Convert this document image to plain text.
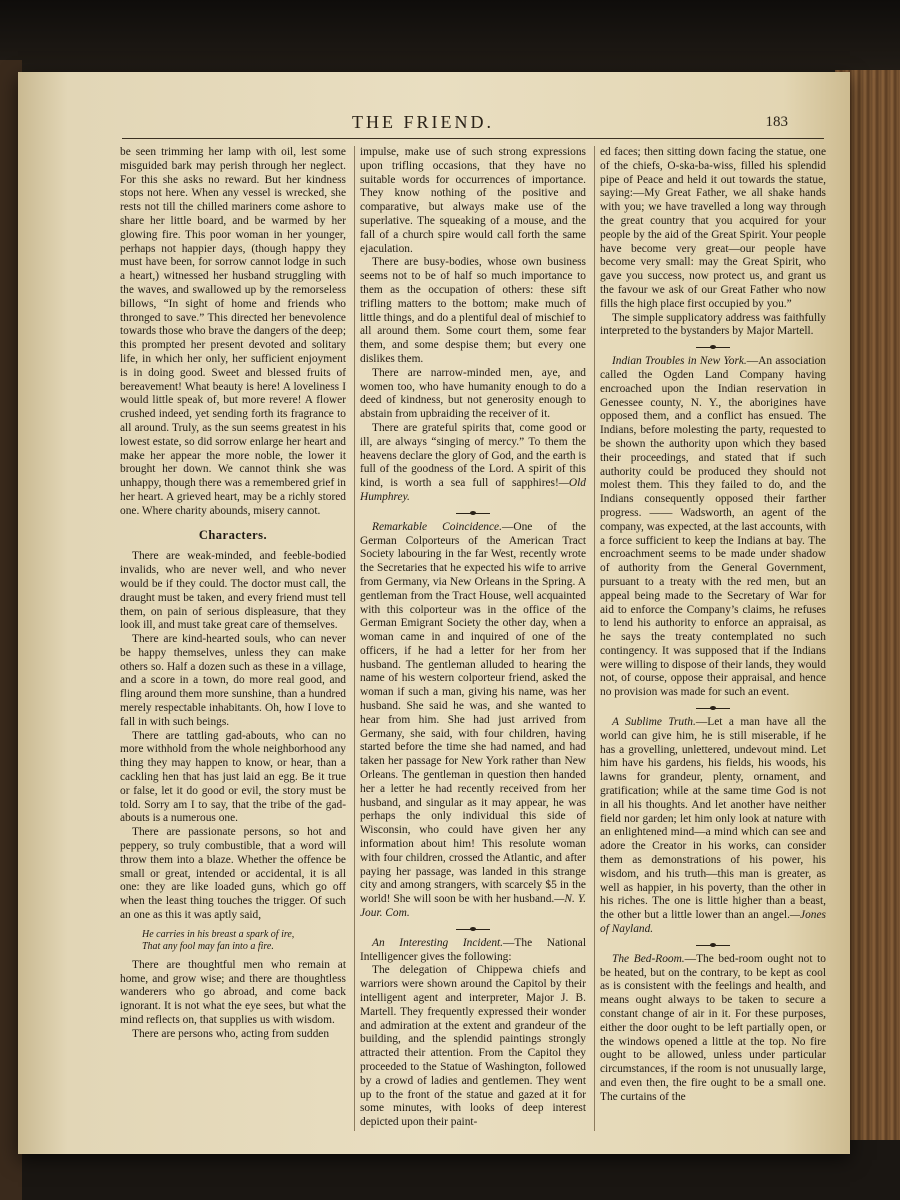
THE FRIEND.	183

be seen trimming her lamp with oil, lest some misguided bark may perish through her neglect. For this she asks no reward. But her kindness stops not here. When any vessel is wrecked, she rests not till the chilled mariners come ashore to share her little board, and be warmed by her glowing fire. This poor woman in her younger, perhaps not happier days, (though happy they must have been, for sorrow cannot lodge in such a heart,) witnessed her husband struggling with the waves, and swallowed up by the remorseless billows, “In sight of home and friends who thronged to save.” This directed her benevolence towards those who brave the dangers of the deep; this prompted her present devoted and solitary life, in which her only, her sufficient enjoyment is in doing good. Sweet and blessed fruits of bereavement! What beauty is here! A loveliness I would little speak of, but more revere! A flower crushed indeed, yet sending forth its fragrance to all around. Truly, as the sun seems greatest in his lowest estate, so did sorrow enlarge her heart and make her appear the more noble, the lower it brought her down. We cannot think she was unhappy, though there was a remembered grief in her heart. A grieved heart, may be a richly stored one. Where charity abounds, misery cannot.

Characters.

There are weak-minded, and feeble-bodied invalids, who are never well, and who never would be if they could. The doctor must call, the draught must be taken, and every friend must tell them, on pain of serious displeasure, that they look ill, and must take great care of themselves.

There are kind-hearted souls, who can never be happy themselves, unless they can make others so. Half a dozen such as these in a village, and a score in a town, do more real good, and fling around them more sunshine, than a hundred merely respectable inhabitants. Oh, how I love to fall in with such beings.

There are tattling gad-abouts, who can no more withhold from the whole neighborhood any thing they may happen to know, or hear, than a cackling hen that has just laid an egg. Be it true or false, let it do good or evil, the story must be told. Sorry am I to say, that the tribe of the gad-abouts is a numerous one.

There are passionate persons, so hot and peppery, so truly combustible, that a word will throw them into a blaze. Whether the offence be small or great, intended or accidental, it is all one: they are like loaded guns, which go off when the least thing touches the trigger. Of such an one as this it was aptly said,

He carries in his breast a spark of ire,
That any fool may fan into a fire.

There are thoughtful men who remain at home, and grow wise; and there are thoughtless wanderers who go abroad, and come back ignorant. It is not what the eye sees, but what the mind reflects on, that supplies us with wisdom.

There are persons who, acting from sudden

impulse, make use of such strong expressions upon trifling occasions, that they have no suitable words for occurrences of importance. They know nothing of the positive and comparative, but always make use of the superlative. The squeaking of a mouse, and the fall of a church spire would call forth the same ejaculation.

There are busy-bodies, whose own business seems not to be of half so much importance to them as the occupation of others: these sift trifling matters to the bottom; make much of little things, and do a plentiful deal of mischief to all around them. Some court them, some fear them, and some despise them; but every one dislikes them.

There are narrow-minded men, aye, and women too, who have humanity enough to do a deed of kindness, but not generosity enough to abstain from upbraiding the receiver of it.

There are grateful spirits that, come good or ill, are always “singing of mercy.” To them the heavens declare the glory of God, and the earth is full of the goodness of the Lord. A spirit of this kind, is worth a sea full of sapphires!—Old Humphrey.

Remarkable Coincidence.—One of the German Colporteurs of the American Tract Society labouring in the far West, recently wrote the Secretaries that he expected his wife to arrive from Germany, via New Orleans in the Spring. A gentleman from the Tract House, well acquainted with this colporteur was in the office of the German Emigrant Society the other day, when a woman came in and inquired of one of the officers, if he had a letter for her from her husband. The gentleman alluded to hearing the name of his western colporteur friend, asked the woman if such a man, giving his name, was her husband. She said he was, and she wanted to hear from him. She had just arrived from Germany, she said, with four children, having started before the time she had named, and had taken her passage for New York rather than New Orleans. The gentleman in question then handed her a letter he had recently received from her husband, and singular as it may appear, he was perhaps the only individual this side of Wisconsin, who could have given her any information about him! This resolute woman with four children, crossed the Atlantic, and after paying her passage, was landed in this strange city and among strangers, with scarcely $5 in the world! She will soon be with her husband.—N. Y. Jour. Com.

An Interesting Incident.—The National Intelligencer gives the following:

The delegation of Chippewa chiefs and warriors were shown around the Capitol by their intelligent agent and interpreter, Major J. B. Martell. They frequently expressed their wonder and admiration at the extent and grandeur of the building, and the splendid paintings strongly attracted their attention. From the Capitol they proceeded to the Statue of Washington, followed by a crowd of ladies and gentlemen. They went up to the front of the statue and gazed at it for some minutes, with looks of deep interest depicted upon their paint-

ed faces; then sitting down facing the statue, one of the chiefs, O-ska-ba-wiss, filled his splendid pipe of Peace and held it out towards the statue, saying:—My Great Father, we all shake hands with you; we have travelled a long way through the great country that you acquired for your people by the aid of the Great Spirit. Your people have become very great—our people have become very small: may the Great Spirit, who gave you success, now protect us, and grant us the favour we ask of our Great Father who now fills the high place first occupied by you.”

The simple supplicatory address was faithfully interpreted to the bystanders by Major Martell.

Indian Troubles in New York.—An association called the Ogden Land Company having encroached upon the Indian reservation in Genessee county, N. Y., the aborigines have opposed them, and a conflict has ensued. The Indians, before molesting the party, requested to be shown the authority upon which they based their proceedings, and stated that if such authority could be produced they should not molest them. This they failed to do, and the Indians consequently opposed their farther progress. —— Wadsworth, an agent of the company, was expected, at the last accounts, with a force sufficient to keep the Indians at bay. The encroachment seems to be made under shadow of authority from the General Government, pursuant to a treaty with the red men, but an appeal being made to the Secretary of War for aid to enforce the Company’s claims, he refuses to lend his authority to enforce an appraisal, as he says the treaty contemplated no such contingency. It was supposed that if the Indians were willing to dispose of their lands, they would not, of course, oppose their appraisal, and hence no provision was made for such an event.

A Sublime Truth.—Let a man have all the world can give him, he is still miserable, if he has a grovelling, unlettered, undevout mind. Let him have his gardens, his fields, his woods, his lawns for grandeur, plenty, ornament, and gratification; while at the same time God is not in all his thoughts. And let another have neither field nor garden; let him only look at nature with an enlightened mind—a mind which can see and adore the Creator in his works, can consider them as demonstrations of his power, his wisdom, and his truth—this man is greater, as well as happier, in his poverty, than the other in his riches. The one is little higher than a beast, the other but a little lower than an angel.—Jones of Nayland.

The Bed-Room.—The bed-room ought not to be heated, but on the contrary, to be kept as cool as is consistent with the feelings and health, and means ought always to be taken to secure a constant change of air in it. For these purposes, either the door ought to be left partially open, or the windows opened a little at the top. No fire ought to be allowed, unless under particular circumstances, if the room is not unusually large, and even then, the fire ought to be a small one. The curtains of the
